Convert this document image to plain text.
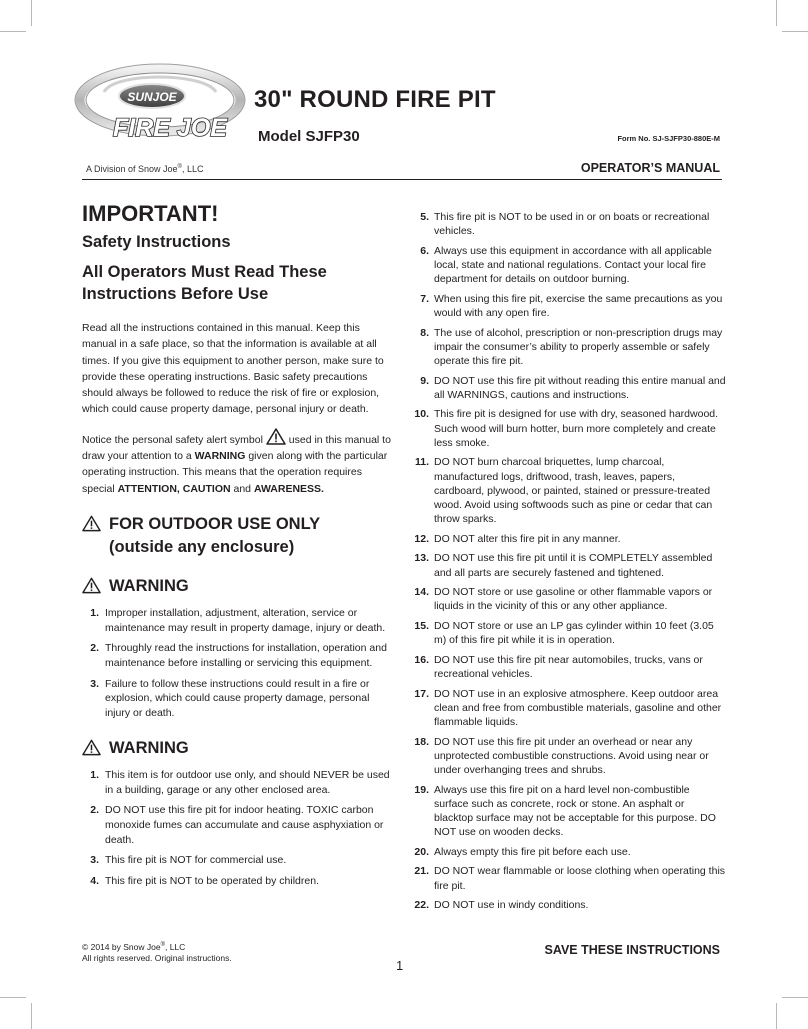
SUNJOE
FIRE JOE
30" ROUND FIRE PIT
Model SJFP30	Form No. SJ-SJFP30-880E-M
A Division of Snow Joe®, LLC	OPERATOR’S MANUAL
IMPORTANT!
Safety Instructions
All Operators Must Read These Instructions Before Use

Read all the instructions contained in this manual. Keep this manual in a safe place, so that the information is available at all times. If you give this equipment to another person, make sure to provide these operating instructions. Basic safety precautions should always be followed to reduce the risk of fire or explosion, which could cause property damage, personal injury or death.

Notice the personal safety alert symbol used in this manual to draw your attention to a WARNING given along with the particular operating instruction. This means that the operation requires special ATTENTION, CAUTION and AWARENESS.

FOR OUTDOOR USE ONLY
(outside any enclosure)
WARNING
1. Improper installation, adjustment, alteration, service or maintenance may result in property damage, injury or death.
2. Throughly read the instructions for installation, operation and maintenance before installing or servicing this equipment.
3. Failure to follow these instructions could result in a fire or explosion, which could cause property damage, personal injury or death.
WARNING
1. This item is for outdoor use only, and should NEVER be used in a building, garage or any other enclosed area.
2. DO NOT use this fire pit for indoor heating. TOXIC carbon monoxide fumes can accumulate and cause asphyxiation or death.
3. This fire pit is NOT for commercial use.
4. This fire pit is NOT to be operated by children.
5. This fire pit is NOT to be used in or on boats or recreational vehicles.
6. Always use this equipment in accordance with all applicable local, state and national regulations. Contact your local fire department for details on outdoor burning.
7. When using this fire pit, exercise the same precautions as you would with any open fire.
8. The use of alcohol, prescription or non-prescription drugs may impair the consumer’s ability to properly assemble or safely operate this fire pit.
9. DO NOT use this fire pit without reading this entire manual and all WARNINGS, cautions and instructions.
10. This fire pit is designed for use with dry, seasoned hardwood. Such wood will burn hotter, burn more completely and create less smoke.
11. DO NOT burn charcoal briquettes, lump charcoal, manufactured logs, driftwood, trash, leaves, papers, cardboard, plywood, or painted, stained or pressure-treated wood. Avoid using softwoods such as pine or cedar that can throw sparks.
12. DO NOT alter this fire pit in any manner.
13. DO NOT use this fire pit until it is COMPLETELY assembled and all parts are securely fastened and tightened.
14. DO NOT store or use gasoline or other flammable vapors or liquids in the vicinity of this or any other appliance.
15. DO NOT store or use an LP gas cylinder within 10 feet (3.05 m) of this fire pit while it is in operation.
16. DO NOT use this fire pit near automobiles, trucks, vans or recreational vehicles.
17. DO NOT use in an explosive atmosphere. Keep outdoor area clean and free from combustible materials, gasoline and other flammable liquids.
18. DO NOT use this fire pit under an overhead or near any unprotected combustible constructions. Avoid using near or under overhanging trees and shrubs.
19. Always use this fire pit on a hard level non-combustible surface such as concrete, rock or stone. An asphalt or blacktop surface may not be acceptable for this purpose. DO NOT use on wooden decks.
20. Always empty this fire pit before each use.
21. DO NOT wear flammable or loose clothing when operating this fire pit.
22. DO NOT use in windy conditions.
© 2014 by Snow Joe®, LLC
All rights reserved. Original instructions.
SAVE THESE INSTRUCTIONS
1
